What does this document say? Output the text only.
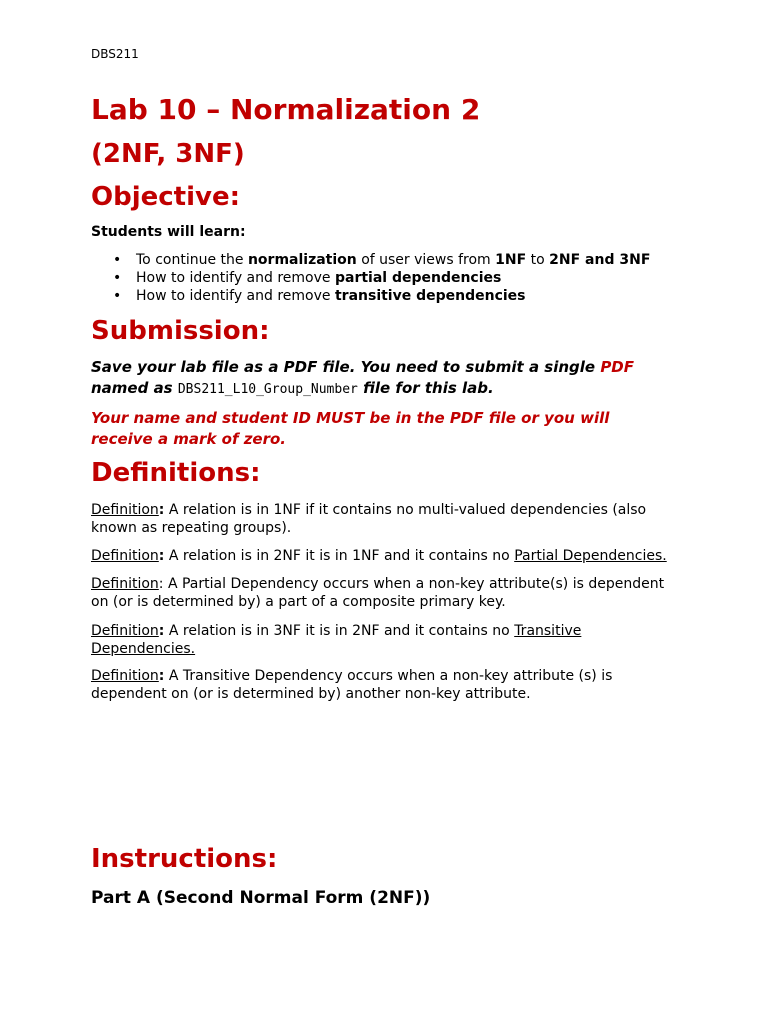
DBS211
Lab 10 – Normalization 2
(2NF, 3NF)
Objective:
Students will learn:
• To continue the normalization of user views from 1NF to 2NF and 3NF
• How to identify and remove partial dependencies
• How to identify and remove transitive dependencies
Submission:
Save your lab file as a PDF file. You need to submit a single PDF
named as DBS211_L10_Group_Number file for this lab.
Your name and student ID MUST be in the PDF file or you will receive a mark of zero.
Definitions:
Definition: A relation is in 1NF if it contains no multi-valued dependencies (also known as repeating groups).
Definition: A relation is in 2NF it is in 1NF and it contains no Partial Dependencies.
Definition: A Partial Dependency occurs when a non-key attribute(s) is dependent on (or is determined by) a part of a composite primary key.
Definition: A relation is in 3NF it is in 2NF and it contains no Transitive Dependencies.
Definition: A Transitive Dependency occurs when a non-key attribute (s) is dependent on (or is determined by) another non-key attribute.
Instructions:
Part A (Second Normal Form (2NF))
